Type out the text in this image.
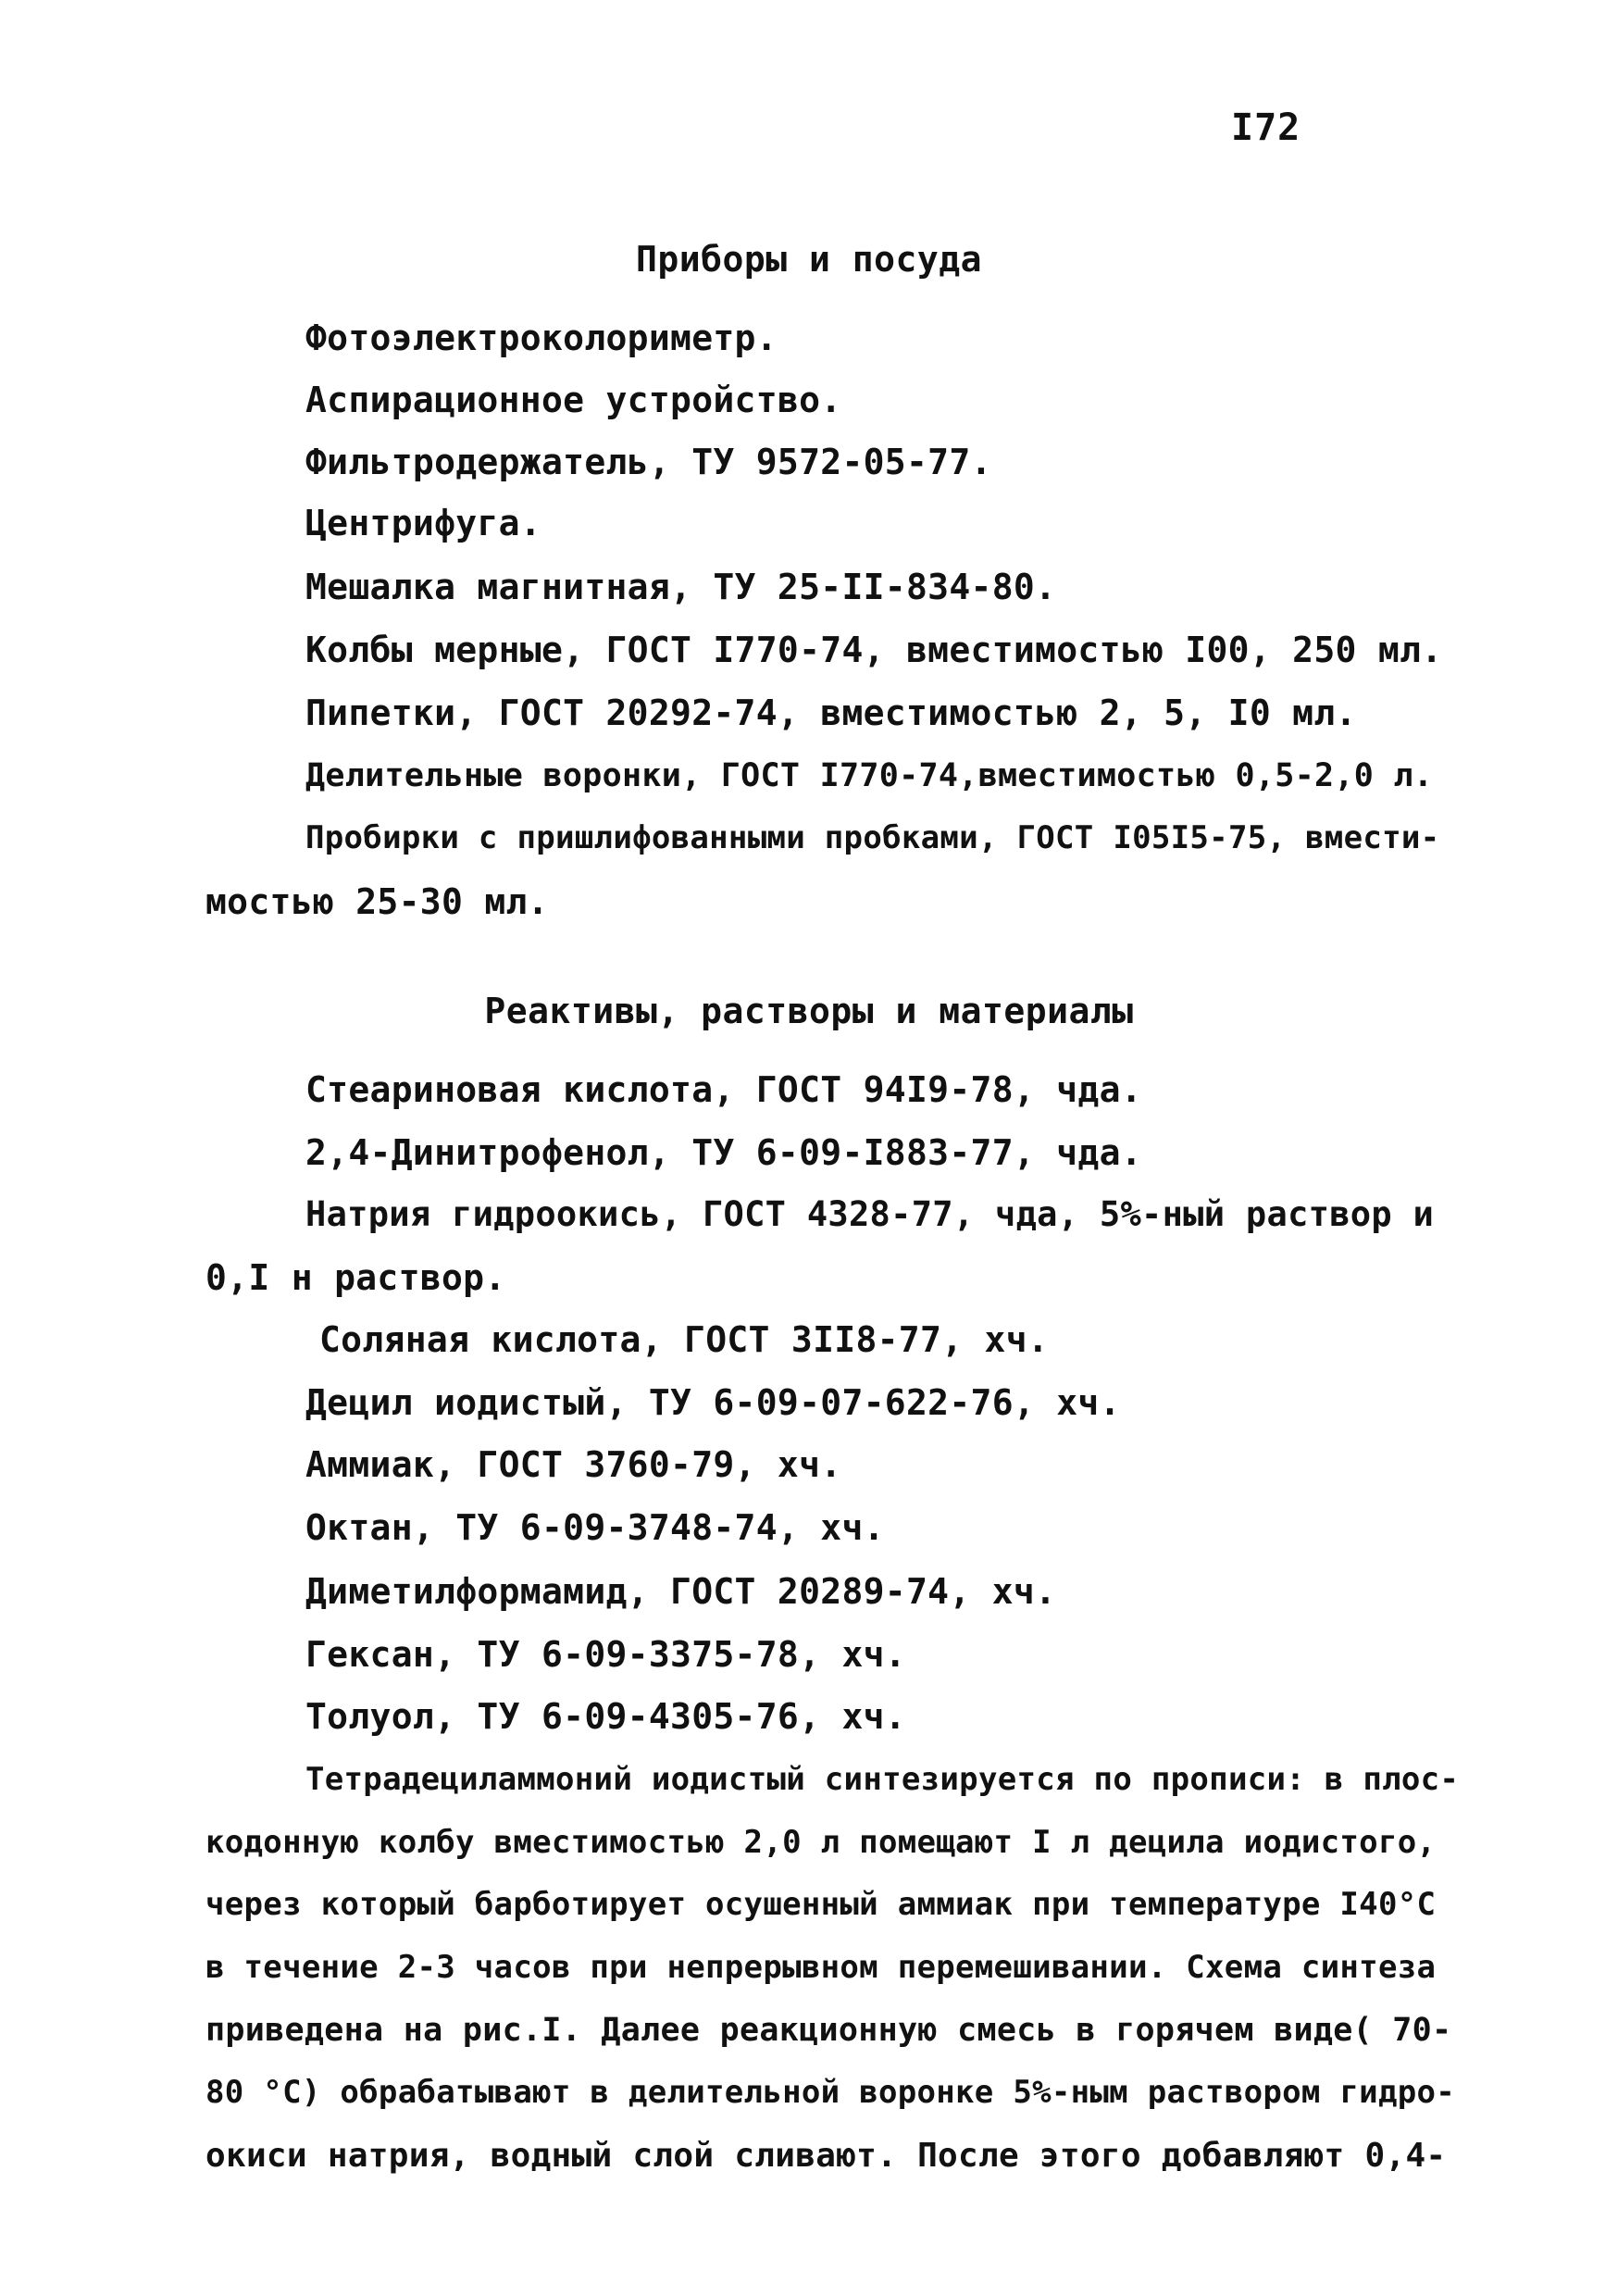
I72
Приборы и посуда
Фотоэлектроколориметр.
Аспирационное устройство.
Фильтродержатель, ТУ 9572-05-77.
Центрифуга.
Мешалка магнитная, ТУ 25-II-834-80.
Колбы мерные, ГОСТ I770-74, вместимостью I00, 250 мл.
Пипетки, ГОСТ 20292-74, вместимостью 2, 5, I0 мл.
Делительные воронки, ГОСТ I770-74,вместимостью 0,5-2,0 л.
Пробирки с пришлифованными пробками, ГОСТ I05I5-75, вмести-
мостью 25-30 мл.
Реактивы, растворы и материалы
Стеариновая кислота, ГОСТ 94I9-78, чда.
2,4-Динитрофенол, ТУ 6-09-I883-77, чда.
Натрия гидроокись, ГОСТ 4328-77, чда, 5%-ный раствор и
0,I н раствор.
Соляная кислота, ГОСТ 3II8-77, хч.
Децил иодистый, ТУ 6-09-07-622-76, хч.
Аммиак, ГОСТ 3760-79, хч.
Октан, ТУ 6-09-3748-74, хч.
Диметилформамид, ГОСТ 20289-74, хч.
Гексан, ТУ 6-09-3375-78, хч.
Толуол, ТУ 6-09-4305-76, хч.
Тетрадециламмоний иодистый синтезируется по прописи: в плос-
кодонную колбу вместимостью 2,0 л помещают I л децила иодистого,
через который барботирует осушенный аммиак при температуре I40°С
в течение 2-3 часов при непрерывном перемешивании. Схема синтеза
приведена на рис.I. Далее реакционную смесь в горячем виде( 70-
80 °С) обрабатывают в делительной воронке 5%-ным раствором гидро-
окиси натрия, водный слой сливают. После этого добавляют 0,4-
